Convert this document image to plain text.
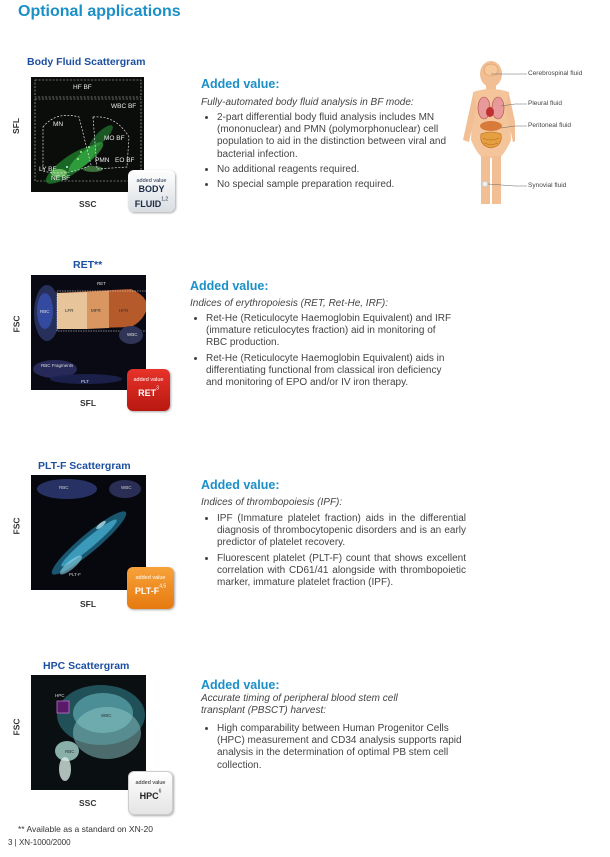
Optional applications
Body Fluid Scattergram
SFL
HF BF
WBC BF
MN
MO BF
PMN
LY BF
EO BF
NE BF
SSC
added value
BODY
FLUID$^{1,2}$
Added value:
Fully-automated body fluid analysis in BF mode:
• 2-part differential body fluid analysis includes MN (mononuclear) and PMN (polymorphonuclear) cell population to aid in the distinction between viral and bacterial infection.
• No additional reagents required.
• No special sample preparation required.
Cerebrospinal fluid
Pleural fluid
Peritoneal fluid
Synovial fluid
RET**
FSC
RET
RBC	LFR	MFR	HFR
RBC Fragments
PLT
WBC
SFL
added value
RET$^3$
Added value:
Indices of erythropoiesis (RET, Ret-He, IRF):
• Ret-He (Reticulocyte Haemoglobin Equivalent) and IRF (immature reticulocytes fraction) aid in monitoring of RBC production.
• Ret-He (Reticulocyte Haemoglobin Equivalent) aids in differentiating functional from classical iron deficiency and monitoring of EPO and/or IV iron therapy.
PLT-F Scattergram
FSC
RBC	WBC
PLT-F
SFL
added value
PLT-$F^{4,5}$
Added value:
Indices of thrombopoiesis (IPF):
• IPF (Immature platelet fraction) aids in the differential diagnosis of thrombocytopenic disorders and is an early predictor of platelet recovery.
• Fluorescent platelet (PLT-F) count that shows excellent correlation with CD61/41 alongside with thrombopoietic marker, immature platelet fraction (IPF).
HPC Scattergram
FSC
HPC
WBC
RBC
SSC
added value
HPC$^6$
Added value:
Accurate timing of peripheral blood stem cell transplant (PBSCT) harvest:
• High comparability between Human Progenitor Cells (HPC) measurement and CD34 analysis supports rapid analysis in the determination of optimal PB stem cell collection.
** Available as a standard on XN-20
3 | XN-1000/2000
